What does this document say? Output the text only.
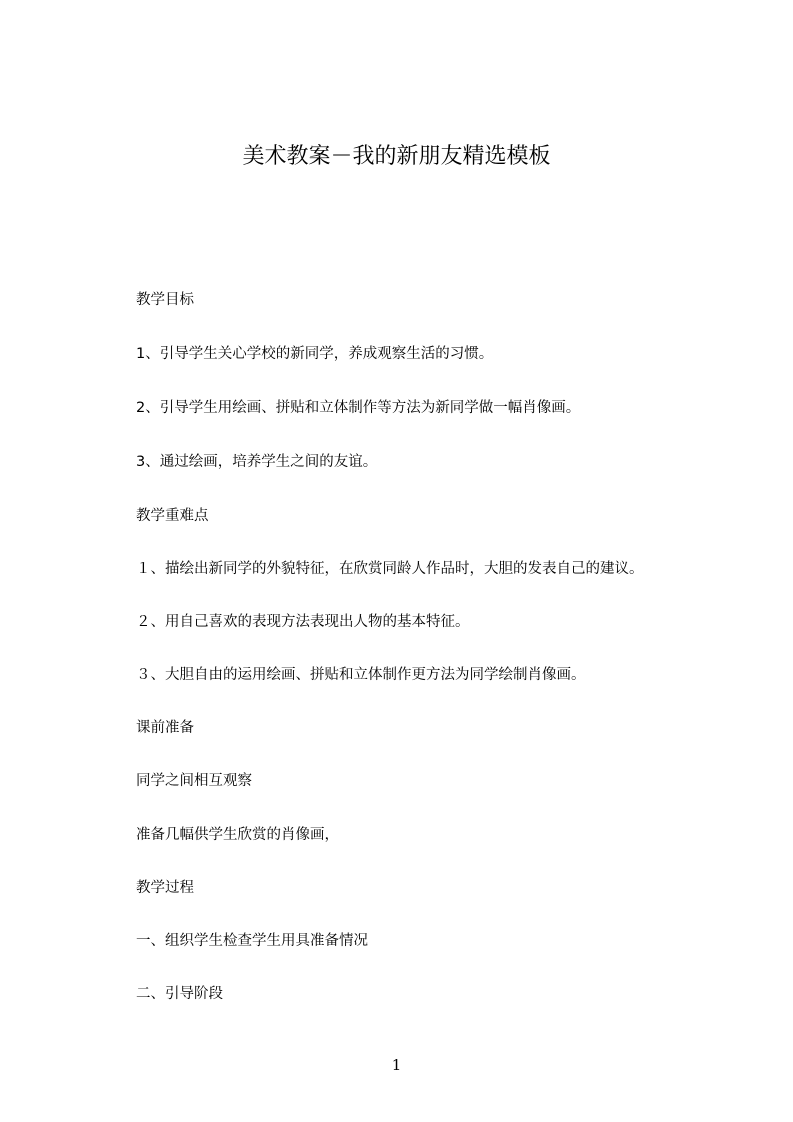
美术教案－我的新朋友精选模板

教学目标

1、引导学生关心学校的新同学，养成观察生活的习惯。

2、引导学生用绘画、拼贴和立体制作等方法为新同学做一幅肖像画。

3、通过绘画，培养学生之间的友谊。

教学重难点

１、描绘出新同学的外貌特征，在欣赏同龄人作品时，大胆的发表自己的建议。

２、用自己喜欢的表现方法表现出人物的基本特征。

３、大胆自由的运用绘画、拼贴和立体制作更方法为同学绘制肖像画。

课前准备

同学之间相互观察

准备几幅供学生欣赏的肖像画，

教学过程

一、组织学生检查学生用具准备情况

二、引导阶段

1
